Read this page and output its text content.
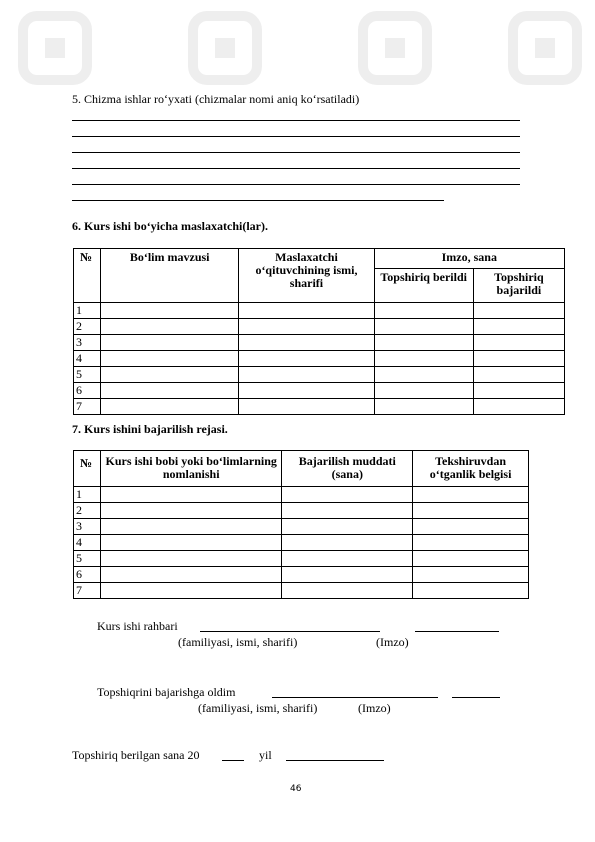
5. Chizma ishlar ro‘yxati (chizmalar nomi aniq ko‘rsatiladi)
6. Kurs ishi bo‘yicha maslaxatchi(lar).
№	Bo‘lim mavzusi	Maslaxatchi o‘qituvchining ismi, sharifi	Imzo, sana	
			Topshiriq berildi	Topshiriq bajarildi
1				
2				
3				
4				
5				
6				
7				
7. Kurs ishini bajarilish rejasi.
№	Kurs ishi bobi yoki bo‘limlarning nomlanishi	Bajarilish muddati (sana)	Tekshiruvdan o‘tganlik belgisi
1			
2			
3			
4			
5			
6			
7			
Kurs ishi rahbari
(familiyasi, ismi, sharifi)	(Imzo)
Topshiqrini bajarishga oldim
(familiyasi, ismi, sharifi)	(Imzo)
Topshiriq berilgan sana 20	yil
46
